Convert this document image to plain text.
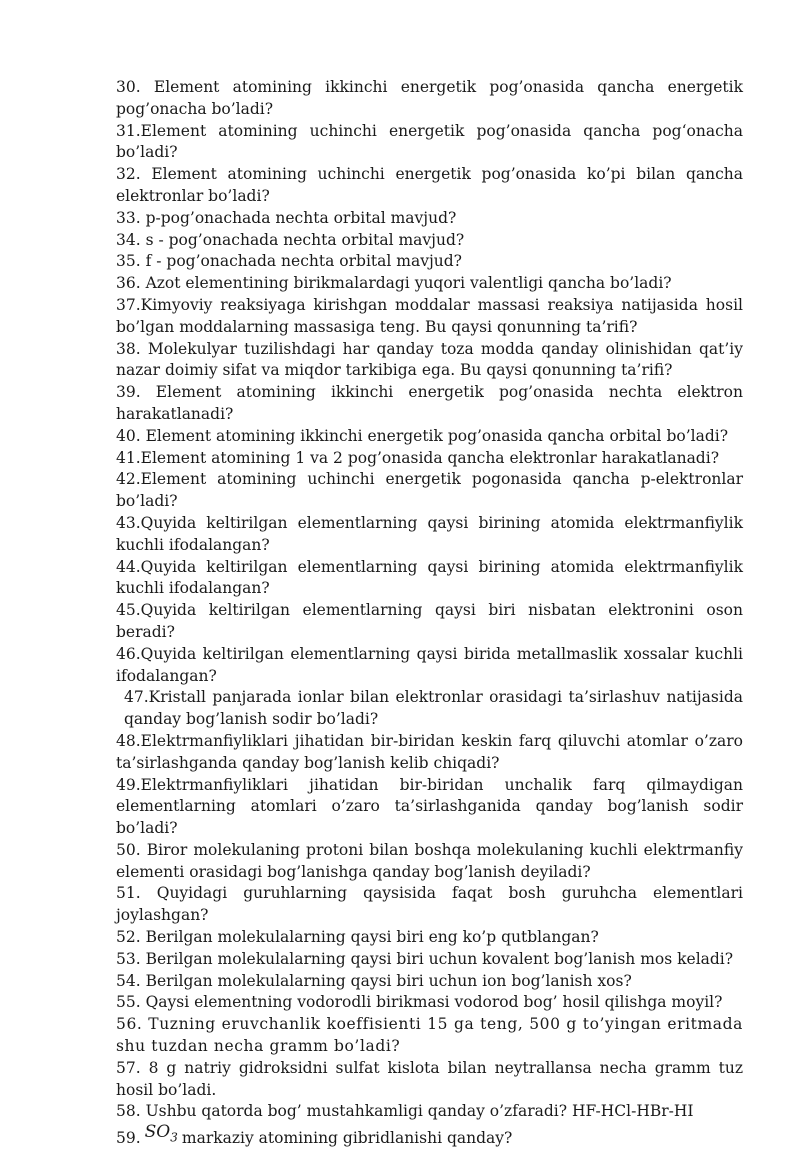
30. Element atomining ikkinchi energetik pog’onasida qancha energetik pog’onacha bo’ladi?

31.Element atomining uchinchi energetik pog’onasida qancha pog‘onacha bo’ladi?

32. Element atomining uchinchi energetik pog’onasida ko’pi bilan qancha elektronlar bo’ladi?

33. p-pog’onachada nechta orbital mavjud?

34. s - pog’onachada nechta orbital mavjud?

35. f - pog’onachada nechta orbital mavjud?

36. Azot elementining birikmalardagi yuqori valentligi qancha bo’ladi?

37.Kimyoviy reaksiyaga kirishgan moddalar massasi reaksiya natijasida hosil bo’lgan moddalarning massasiga teng. Bu qaysi qonunning ta’rifi?

38. Molekulyar tuzilishdagi har qanday toza modda qanday olinishidan qat’iy nazar doimiy sifat va miqdor tarkibiga ega. Bu qaysi qonunning ta’rifi?

39. Element atomining ikkinchi energetik pog’onasida nechta elektron harakatlanadi?

40. Element atomining ikkinchi energetik pog’onasida qancha orbital bo’ladi?

41.Element atomining 1 va 2 pog’onasida qancha elektronlar harakatlanadi?

42.Element atomining uchinchi energetik pogonasida qancha p-elektronlar bo’ladi?

43.Quyida keltirilgan elementlarning qaysi birining atomida elektrmanfiylik kuchli ifodalangan?

44.Quyida keltirilgan elementlarning qaysi birining atomida elektrmanfiylik kuchli ifodalangan?

45.Quyida keltirilgan elementlarning qaysi biri nisbatan elektronini oson beradi?

46.Quyida keltirilgan elementlarning qaysi birida metallmaslik xossalar kuchli ifodalangan?

47.Kristall panjarada ionlar bilan elektronlar orasidagi ta’sirlashuv natijasida qanday bog’lanish sodir bo’ladi?

48.Elektrmanfiyliklari jihatidan bir-biridan keskin farq qiluvchi atomlar o’zaro ta’sirlashganda qanday bog’lanish kelib chiqadi?

49.Elektrmanfiyliklari jihatidan bir-biridan unchalik farq qilmaydigan elementlarning atomlari o’zaro ta’sirlashganida qanday bog’lanish sodir bo’ladi?

50. Biror molekulaning protoni bilan boshqa molekulaning kuchli elektrmanfiy elementi orasidagi bog’lanishga qanday bog’lanish deyiladi?

51. Quyidagi guruhlarning qaysisida faqat bosh guruhcha elementlari joylashgan?

52. Berilgan molekulalarning qaysi biri eng ko’p qutblangan?

53. Berilgan molekulalarning qaysi biri uchun kovalent bog’lanish mos keladi?

54. Berilgan molekulalarning qaysi biri uchun ion bog’lanish xos?

55. Qaysi elementning vodorodli birikmasi vodorod bog’ hosil qilishga moyil?

56. Tuzning eruvchanlik koeffisienti 15 ga teng, 500 g to’yingan eritmada shu tuzdan necha gramm bo’ladi?

57. 8 g natriy gidroksidni sulfat kislota bilan neytrallansa necha gramm tuz hosil bo’ladi.

58. Ushbu qatorda bog’ mustahkamligi qanday o’zfaradi? HF-HCl-HBr-HI

59. $SO_3$ markaziy atomining gibridlanishi qanday?
